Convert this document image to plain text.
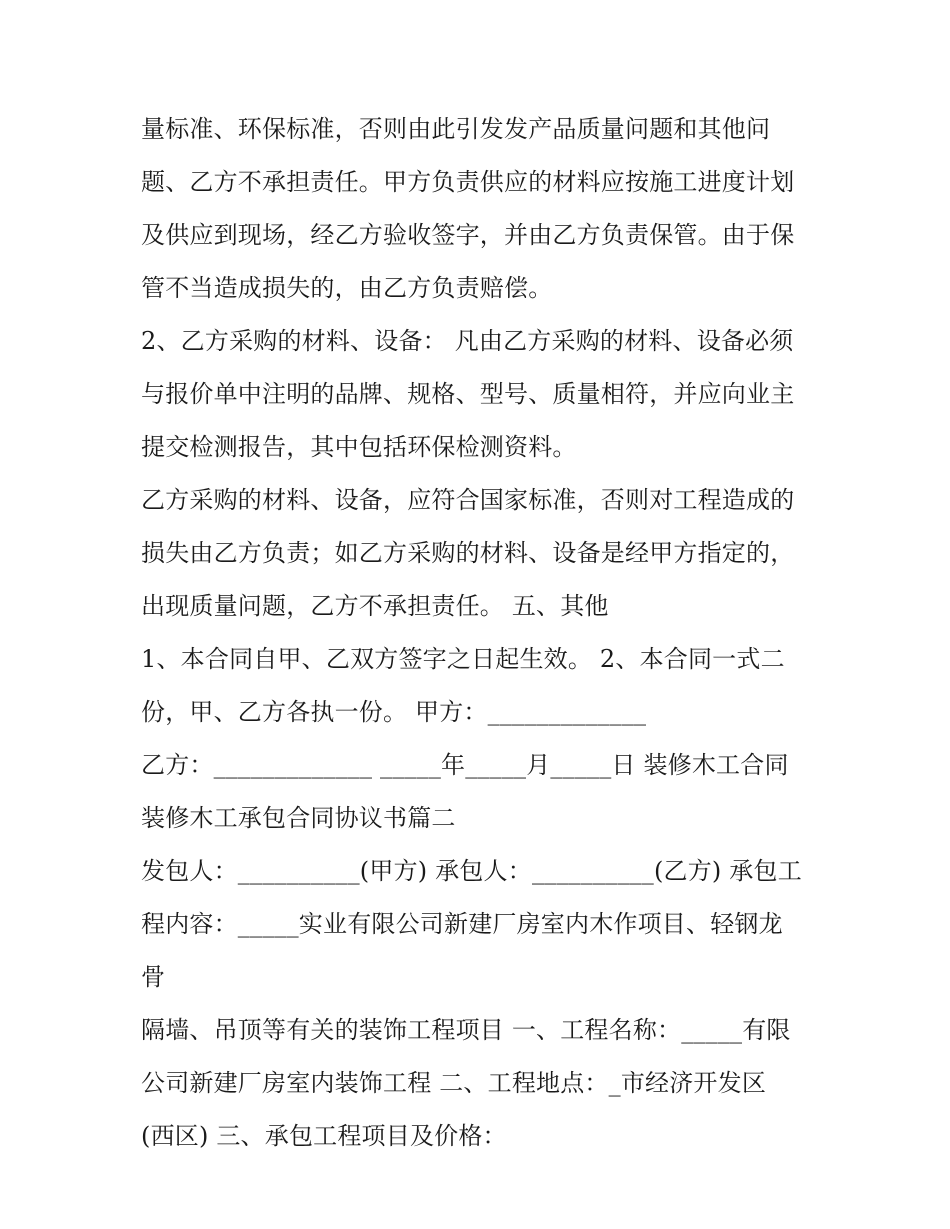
量标准、环保标准，否则由此引发发产品质量问题和其他问
题、乙方不承担责任。甲方负责供应的材料应按施工进度计划
及供应到现场，经乙方验收签字，并由乙方负责保管。由于保
管不当造成损失的，由乙方负责赔偿。
2、乙方采购的材料、设备： 凡由乙方采购的材料、设备必须
与报价单中注明的品牌、规格、型号、质量相符，并应向业主
提交检测报告，其中包括环保检测资料。
乙方采购的材料、设备，应符合国家标准，否则对工程造成的
损失由乙方负责；如乙方采购的材料、设备是经甲方指定的，
出现质量问题，乙方不承担责任。 五、其他
1、本合同自甲、乙双方签字之日起生效。 2、本合同一式二
份，甲、乙方各执一份。 甲方：_____________
乙方：_____________ _____年_____月_____日 装修木工合同
装修木工承包合同协议书篇二
发包人：__________(甲方) 承包人：__________(乙方) 承包工
程内容：_____实业有限公司新建厂房室内木作项目、轻钢龙
骨
隔墙、吊顶等有关的装饰工程项目 一、工程名称：_____有限
公司新建厂房室内装饰工程 二、工程地点：_市经济开发区
(西区) 三、承包工程项目及价格：
